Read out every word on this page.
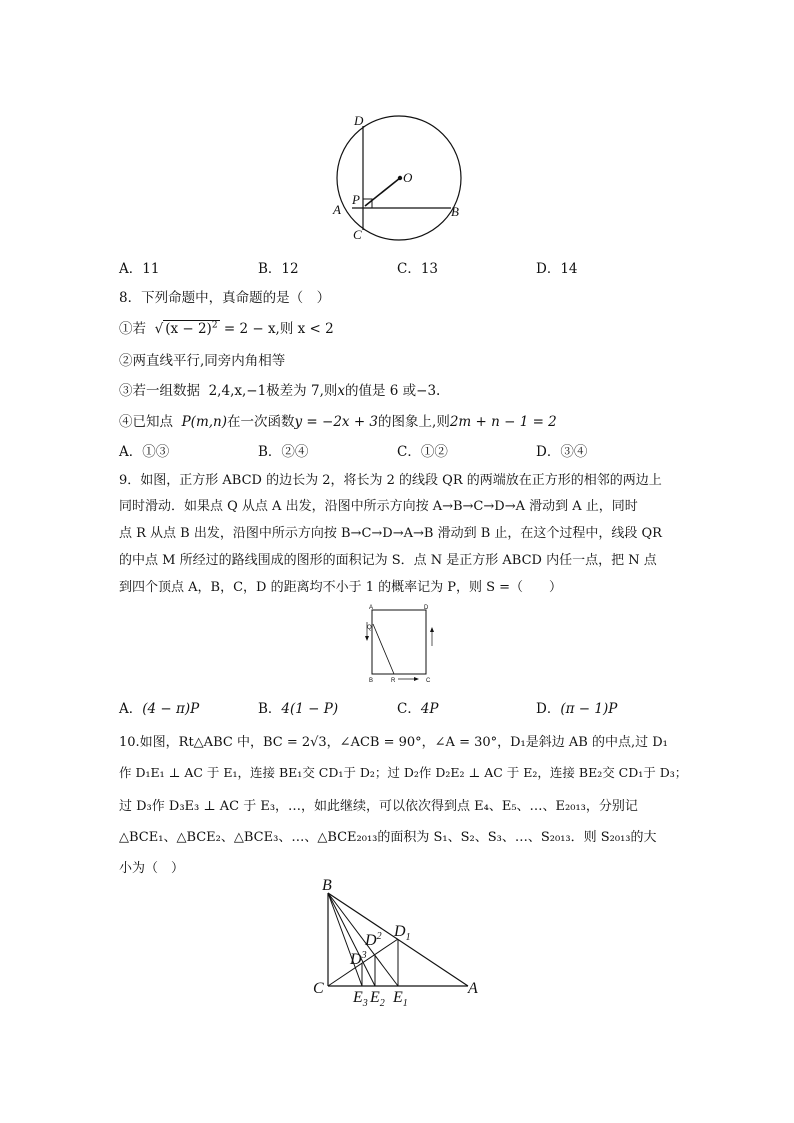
D
O
P
A	B
C
A．11	B．12	C．13	D．14
8．下列命题中，真命题的是（　）
①若  √ $(x - 2)^2 = 2 - x$,则 x < 2
②两直线平行,同旁内角相等
③若一组数据 2,4,x,−1极差为 7,则x的值是 6 或−3.
④已知点 P(m,n)在一次函数y = −2x + 3的图象上,则2m + n − 1 = 2
A．①③	B．②④	C．①②	D．③④
9．如图，正方形 ABCD 的边长为 2，将长为 2 的线段 QR 的两端放在正方形的相邻的两边上
同时滑动．如果点 Q 从点 A 出发，沿图中所示方向按 A→B→C→D→A 滑动到 A 止，同时
点 R 从点 B 出发，沿图中所示方向按 B→C→D→A→B 滑动到 B 止，在这个过程中，线段 QR
的中点 M 所经过的路线围成的图形的面积记为 S．点 N 是正方形 ABCD 内任一点，把 N 点
到四个顶点 A，B，C，D 的距离均不小于 1 的概率记为 P，则 S =（　　）
A	D
Q
B	R	C
A．(4 − π)P	B．4(1 − P)	C．4P	D．(π − 1)P
10.如图，Rt△ABC 中，BC = 2√3，∠ACB = 90°，∠A = 30°，D₁是斜边 AB 的中点,过 D₁
作 D₁E₁ ⊥ AC 于 E₁，连接 BE₁交 CD₁于 D₂；过 D₂作 D₂E₂ ⊥ AC 于 E₂，连接 BE₂交 CD₁于 D₃；
过 D₃作 D₃E₃ ⊥ AC 于 E₃，…，如此继续，可以依次得到点 E₄、E₅、…、E₂₀₁₃，分别记
△BCE₁、△BCE₂、△BCE₃、…、△BCE₂₀₁₃的面积为 S₁、S₂、S₃、…、S₂₀₁₃．则 S₂₀₁₃的大
小为（　）
B
C	A
$D_1$
$D^2$
$D^3$
$E_3$ $E_2$ $E_1$
